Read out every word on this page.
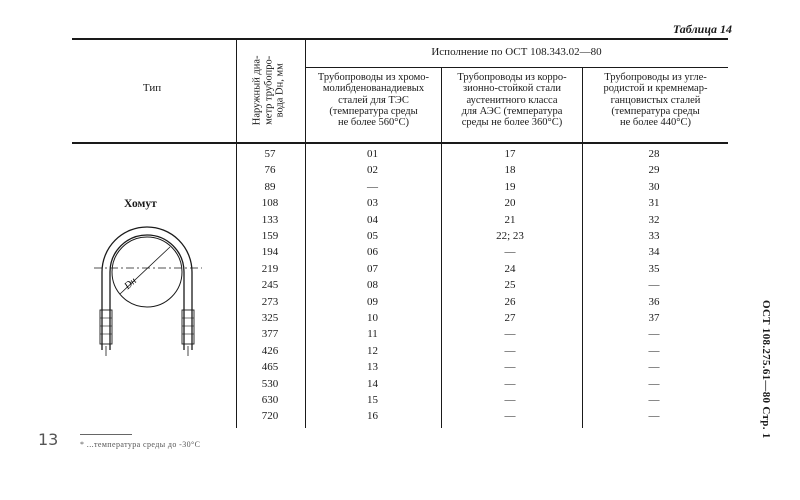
Таблица 14
Тип	Наружный диа- метр трубопро- вода Dн, мм
Исполнение по ОСТ 108.343.02—80
Трубопроводы из хромо-
молибденованадиевых
сталей для ТЭС
(температура среды
не более 560°С)
Трубопроводы из корро-
зионно-стойкой стали
аустенитного класса
для АЭС (температура
среды не более 360°С)
Трубопроводы из угле-
родистой и кремнемар-
ганцовистых сталей
(температура среды
не более 440°С)
Хомут
Dн
57	01	17	28
76	02	18	29
89	—	19	30
108	03	20	31
133	04	21	32
159	05	22; 23	33
194	06	—	34
219	07	24	35
245	08	25	—
273	09	26	36
325	10	27	37
377	11	—	—
426	12	—	—
465	13	—	—
530	14	—	—
630	15	—	—
720	16	—	—	ОСТ 108.275.61—80 Стр. 1
* ...температура среды до -30°С
13
